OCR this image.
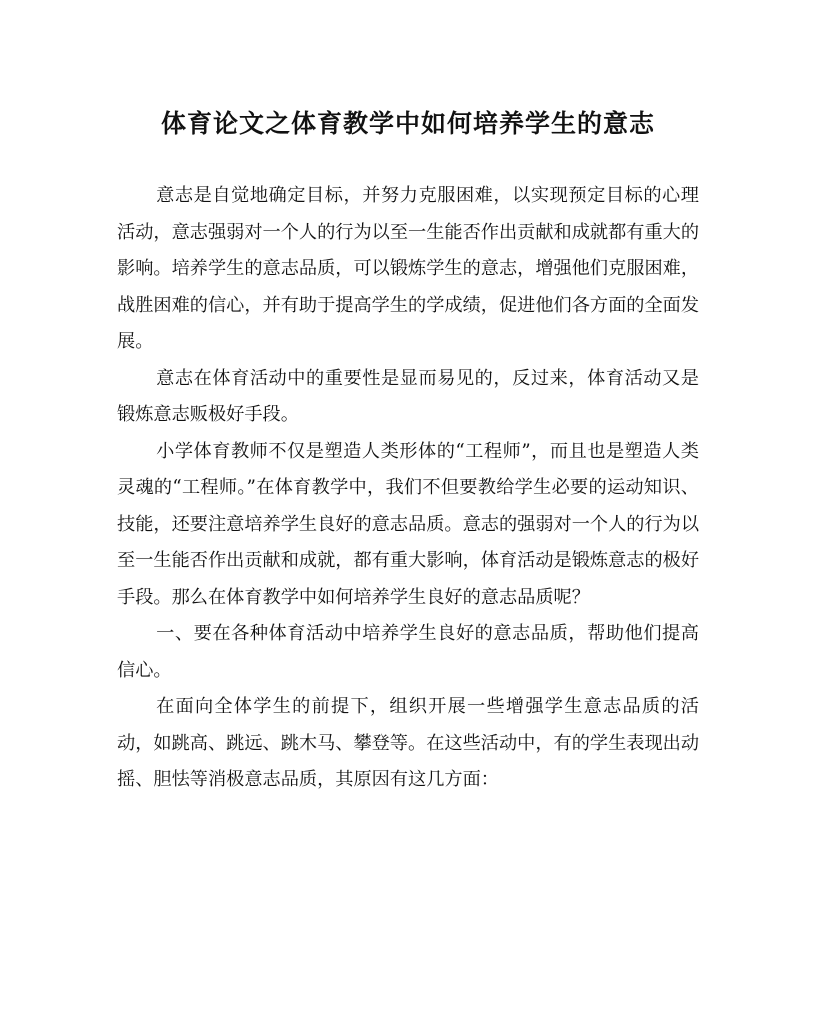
体育论文之体育教学中如何培养学生的意志

意志是自觉地确定目标，并努力克服困难，以实现预定目标的心理活动，意志强弱对一个人的行为以至一生能否作出贡献和成就都有重大的影响。培养学生的意志品质，可以锻炼学生的意志，增强他们克服困难，战胜困难的信心，并有助于提高学生的学成绩，促进他们各方面的全面发展。

意志在体育活动中的重要性是显而易见的，反过来，体育活动又是锻炼意志贩极好手段。

小学体育教师不仅是塑造人类形体的“工程师”，而且也是塑造人类灵魂的“工程师。”在体育教学中，我们不但要教给学生必要的运动知识、技能，还要注意培养学生良好的意志品质。意志的强弱对一个人的行为以至一生能否作出贡献和成就，都有重大影响，体育活动是锻炼意志的极好手段。那么在体育教学中如何培养学生良好的意志品质呢？

一、要在各种体育活动中培养学生良好的意志品质，帮助他们提高信心。

在面向全体学生的前提下，组织开展一些增强学生意志品质的活动，如跳高、跳远、跳木马、攀登等。在这些活动中，有的学生表现出动摇、胆怯等消极意志品质，其原因有这几方面：
